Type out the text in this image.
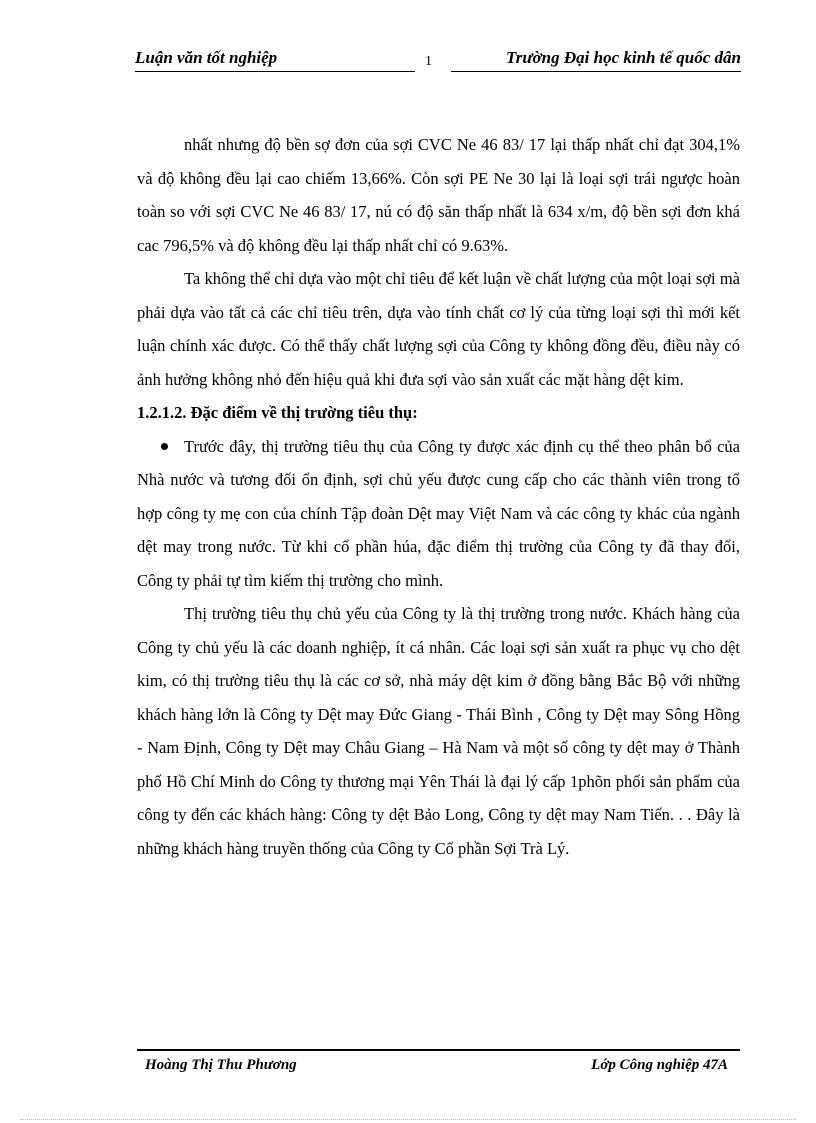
Luận văn tốt nghiệp	1	Trường Đại học kinh tế quốc dân

nhất nhưng độ bền sợ đơn của sợi CVC Ne 46 83/ 17 lại thấp nhất chỉ đạt 304,1% và độ không đều lại cao chiếm 13,66%. Còn sợi PE Ne 30 lại là loại sợi trái ngược hoàn toàn so với sợi CVC Ne 46 83/ 17, nú có độ săn thấp nhất là 634 x/m, độ bền sợi đơn khá cac 796,5% và độ không đều lại thấp nhất chỉ có 9.63%.

Ta không thể chỉ dựa vào một chỉ tiêu để kết luận về chất lượng của một loại sợi mà phải dựa vào tất cả các chỉ tiêu trên, dựa vào tính chất cơ lý của từng loại sợi thì mới kết luận chính xác được. Có thể thấy chất lượng sợi của Công ty không đồng đều, điều này có ảnh hưởng không nhỏ đến hiệu quả khi đưa sợi vào sản xuất các mặt hàng dệt kim.

1.2.1.2. Đặc điểm về thị trường tiêu thụ:

Trước đây, thị trường tiêu thụ của Công ty được xác định cụ thể theo phân bổ của Nhà nước và tương đối ổn định, sợi chủ yếu được cung cấp cho các thành viên trong tổ hợp công ty mẹ con của chính Tập đoàn Dệt may Việt Nam và các công ty khác của ngành dệt may trong nước. Từ khi cổ phần húa, đặc điểm thị trường của Công ty đã thay đổi, Công ty phải tự tìm kiếm thị trường cho mình.

Thị trường tiêu thụ chủ yếu của Công ty là thị trường trong nước. Khách hàng của Công ty chủ yếu là các doanh nghiệp, ít cá nhân. Các loại sợi sản xuất ra phục vụ cho dệt kim, có thị trường tiêu thụ là các cơ sở, nhà máy dệt kim ở đồng bằng Bắc Bộ với những khách hàng lớn là Công ty Dệt may Đức Giang - Thái Bình , Công ty Dệt may Sông Hồng - Nam Định, Công ty Dệt may Châu Giang – Hà Nam và một số công ty dệt may ở Thành phố Hồ Chí Minh do Công ty thương mại Yên Thái là đại lý cấp 1phõn phối sản phẩm của công ty đến các khách hàng: Công ty dệt Bảo Long, Công ty dệt may Nam Tiến. . . Đây là những khách hàng truyền thống của Công ty Cổ phần Sợi Trà Lý.

Hoàng Thị Thu Phương	Lớp Công nghiệp 47A
